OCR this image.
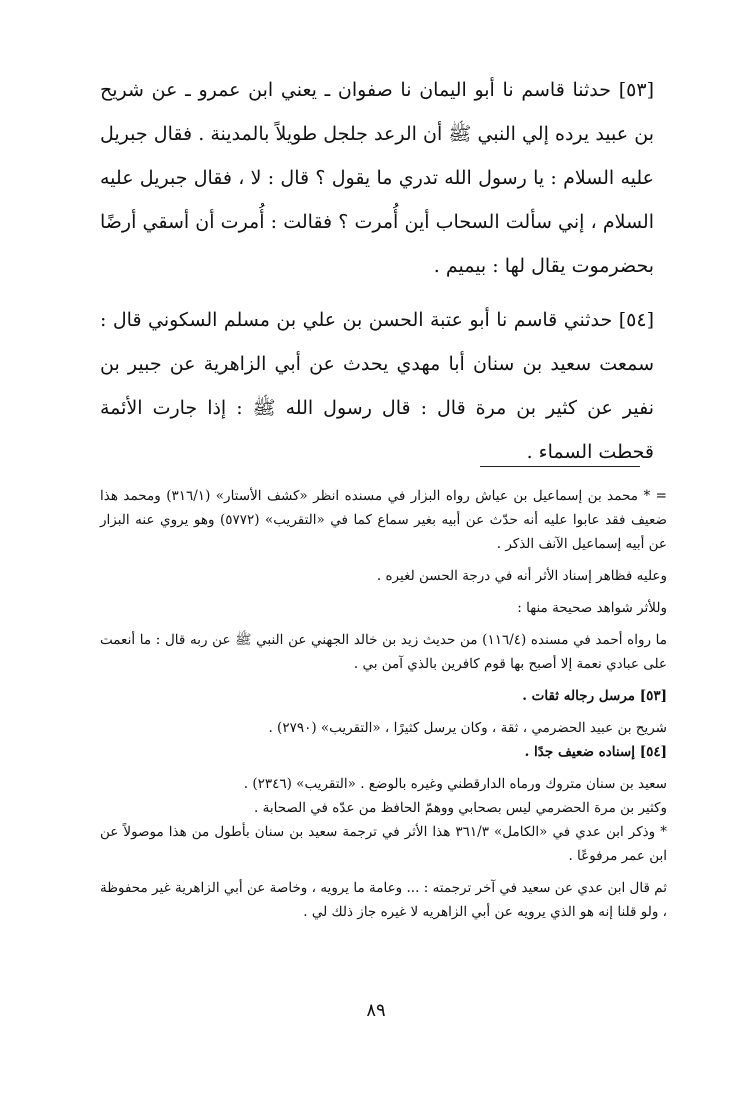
[٥٣] حدثنا قاسم نا أبو اليمان نا صفوان ـ يعني ابن عمرو ـ عن شريح بن عبيد يرده إلي النبي ﷺ أن الرعد جلجل طويلاً بالمدينة . فقال جبريل عليه السلام : يا رسول الله تدري ما يقول ؟ قال : لا ، فقال جبريل عليه السلام ، إني سألت السحاب أين أُمرت ؟ فقالت : أُمرت أن أسقي أرضًا بحضرموت يقال لها : بيميم .

[٥٤] حدثني قاسم نا أبو عتبة الحسن بن علي بن مسلم السكوني قال : سمعت سعيد بن سنان أبا مهدي يحدث عن أبي الزاهرية عن جبير بن نفير عن كثير بن مرة قال : قال رسول الله ﷺ : إذا جارت الأئمة قحطت السماء .

= * محمد بن إسماعيل بن عياش رواه البزار في مسنده انظر «كشف الأستار» (٣١٦/١) ومحمد هذا ضعيف فقد عابوا عليه أنه حدّث عن أبيه بغير سماع كما في «التقريب» (٥٧٧٢) وهو يروي عنه البزار عن أبيه إسماعيل الآنف الذكر .

وعليه فظاهر إسناد الأثر أنه في درجة الحسن لغيره .

وللأثر شواهد صحيحة منها :

ما رواه أحمد في مسنده (١١٦/٤) من حديث زيد بن خالد الجهني عن النبي ﷺ عن ربه قال : ما أنعمت على عبادي نعمة إلا أصبح بها قوم كافرين بالذي آمن بي .

[٥٣] مرسل رجاله ثقات .

شريح بن عبيد الحضرمي ، ثقة ، وكان يرسل كثيرًا ، «التقريب» (٢٧٩٠) .

[٥٤] إسناده ضعيف جدًا .

سعيد بن سنان متروك ورماه الدارقطني وغيره بالوضع . «التقريب» (٢٣٤٦) .

وكثير بن مرة الحضرمي ليس بصحابي ووهمّ الحافظ من عدّه في الصحابة .

* وذكر ابن عدي في «الكامل» ٣٦١/٣ هذا الأثر في ترجمة سعيد بن سنان بأطول من هذا موصولاً عن ابن عمر مرفوعًا .

ثم قال ابن عدي عن سعيد في آخر ترجمته : ... وعامة ما يرويه ، وخاصة عن أبي الزاهرية غير محفوظة ، ولو قلنا إنه هو الذي يرويه عن أبي الزاهريه لا غيره جاز ذلك لي .

٨٩
